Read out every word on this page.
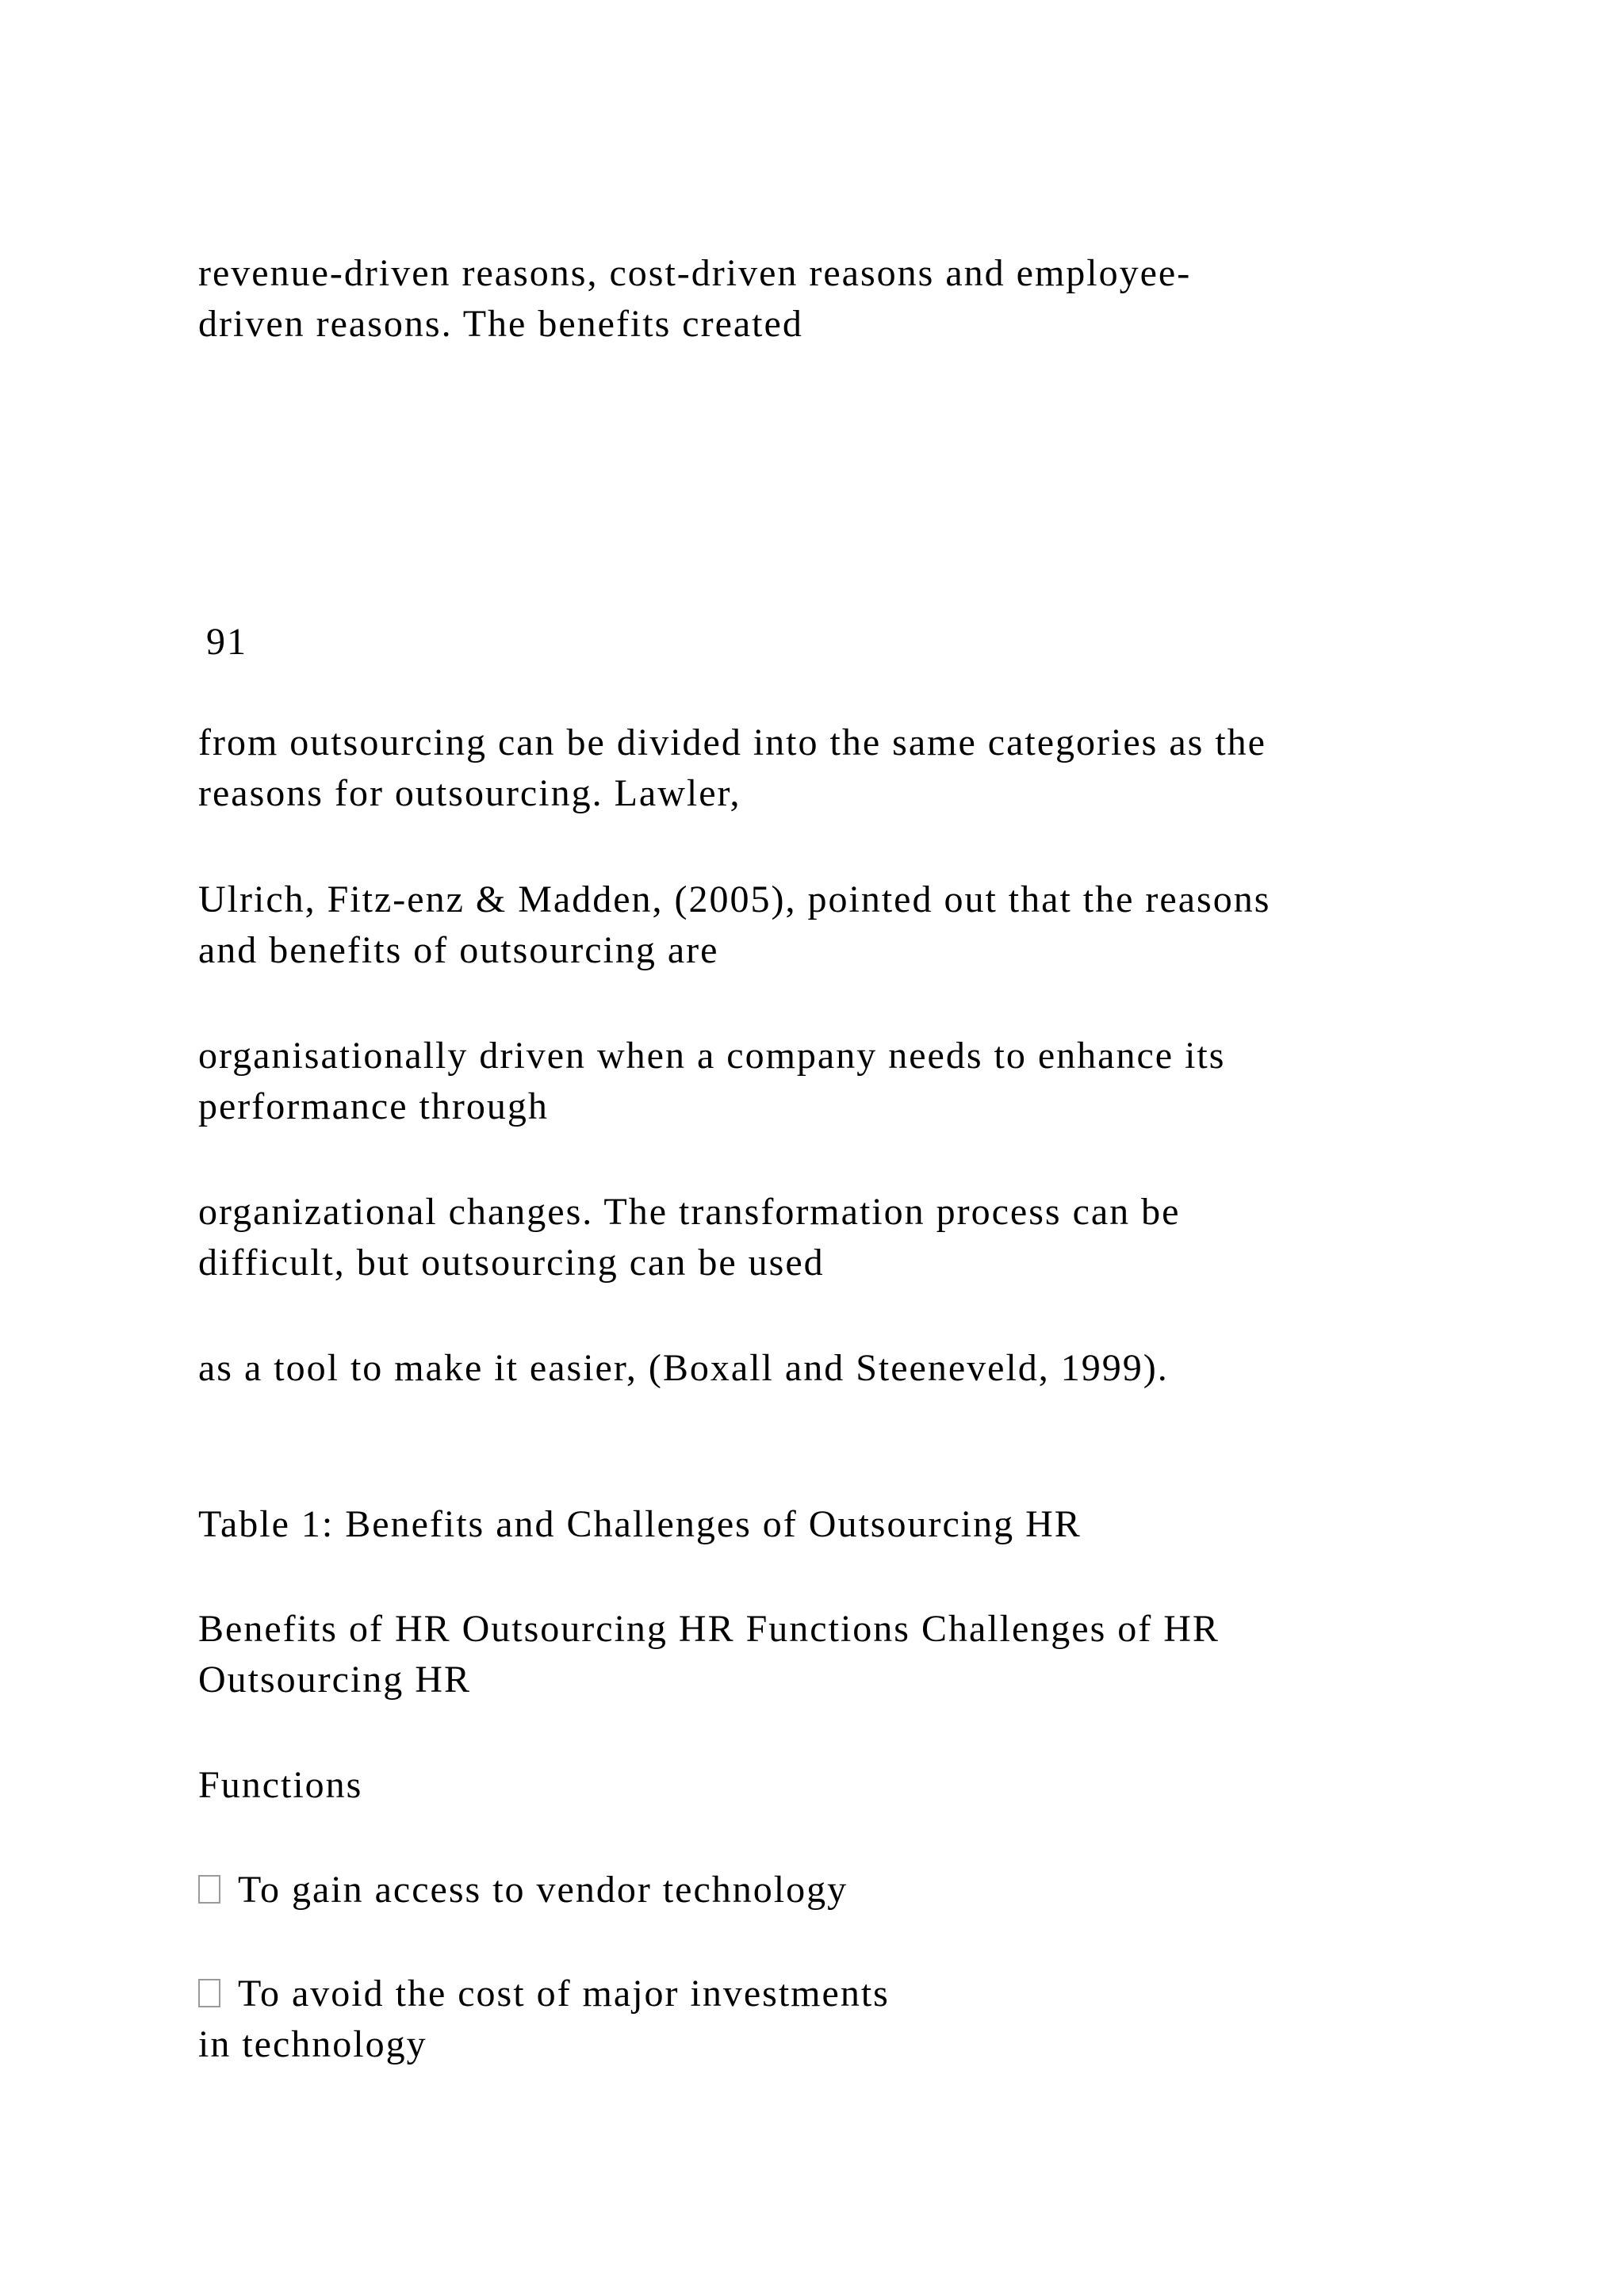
revenue-driven reasons, cost-driven reasons and employee-
driven reasons. The benefits created

91

from outsourcing can be divided into the same categories as the
reasons for outsourcing. Lawler,

Ulrich, Fitz-enz & Madden, (2005), pointed out that the reasons
and benefits of outsourcing are

organisationally driven when a company needs to enhance its
performance through

organizational changes. The transformation process can be
difficult, but outsourcing can be used

as a tool to make it easier, (Boxall and Steeneveld, 1999).

Table 1: Benefits and Challenges of Outsourcing HR

Benefits of HR Outsourcing HR Functions Challenges of HR
Outsourcing HR

Functions

To gain access to vendor technology

To avoid the cost of major investments
in technology
